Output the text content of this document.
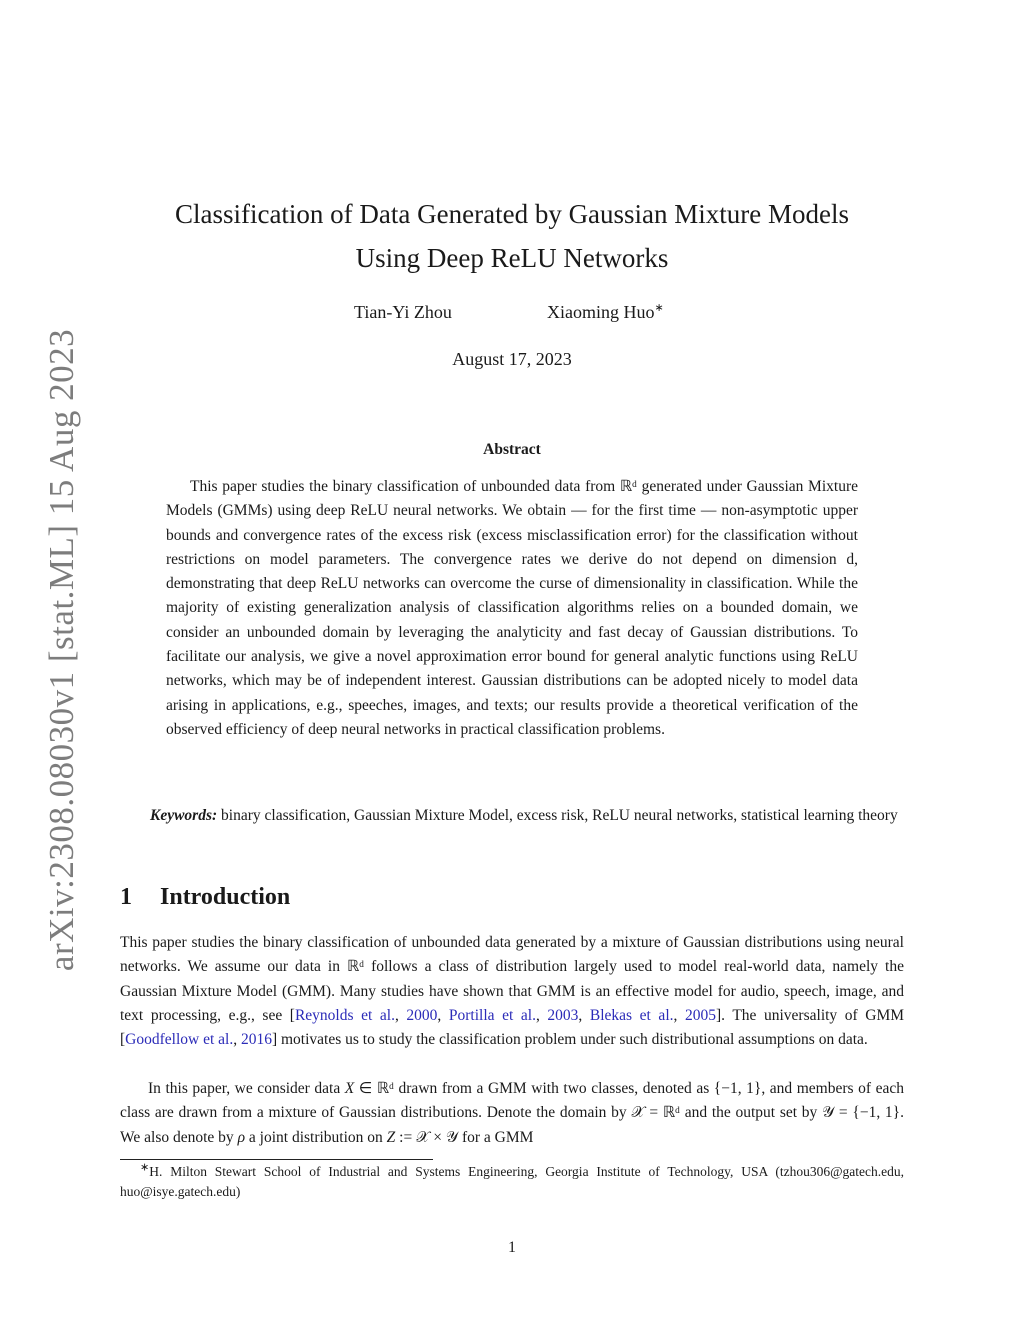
arXiv:2308.08030v1 [stat.ML] 15 Aug 2023
Classification of Data Generated by Gaussian Mixture Models
Using Deep ReLU Networks
Tian-Yi Zhou	Xiaoming Huo∗
August 17, 2023
Abstract

This paper studies the binary classification of unbounded data from ℝᵈ generated under Gaussian Mixture Models (GMMs) using deep ReLU neural networks. We obtain — for the first time — non-asymptotic upper bounds and convergence rates of the excess risk (excess misclassification error) for the classification without restrictions on model parameters. The convergence rates we derive do not depend on dimension d, demonstrating that deep ReLU networks can overcome the curse of dimensionality in classification. While the majority of existing generalization analysis of classification algorithms relies on a bounded domain, we consider an unbounded domain by leveraging the analyticity and fast decay of Gaussian distributions. To facilitate our analysis, we give a novel approximation error bound for general analytic functions using ReLU networks, which may be of independent interest. Gaussian distributions can be adopted nicely to model data arising in applications, e.g., speeches, images, and texts; our results provide a theoretical verification of the observed efficiency of deep neural networks in practical classification problems.

Keywords: binary classification, Gaussian Mixture Model, excess risk, ReLU neural networks, statistical learning theory

1 Introduction

This paper studies the binary classification of unbounded data generated by a mixture of Gaussian distributions using neural networks. We assume our data in ℝᵈ follows a class of distribution largely used to model real-world data, namely the Gaussian Mixture Model (GMM). Many studies have shown that GMM is an effective model for audio, speech, image, and text processing, e.g., see [Reynolds et al., 2000, Portilla et al., 2003, Blekas et al., 2005]. The universality of GMM [Goodfellow et al., 2016] motivates us to study the classification problem under such distributional assumptions on data.

In this paper, we consider data X ∈ ℝᵈ drawn from a GMM with two classes, denoted as {−1, 1}, and members of each class are drawn from a mixture of Gaussian distributions. Denote the domain by 𝒳 = ℝᵈ and the output set by 𝒴 = {−1, 1}. We also denote by ρ a joint distribution on Z := 𝒳 × 𝒴 for a GMM

∗H. Milton Stewart School of Industrial and Systems Engineering, Georgia Institute of Technology, USA (tzhou306@gatech.edu, huo@isye.gatech.edu)

1
